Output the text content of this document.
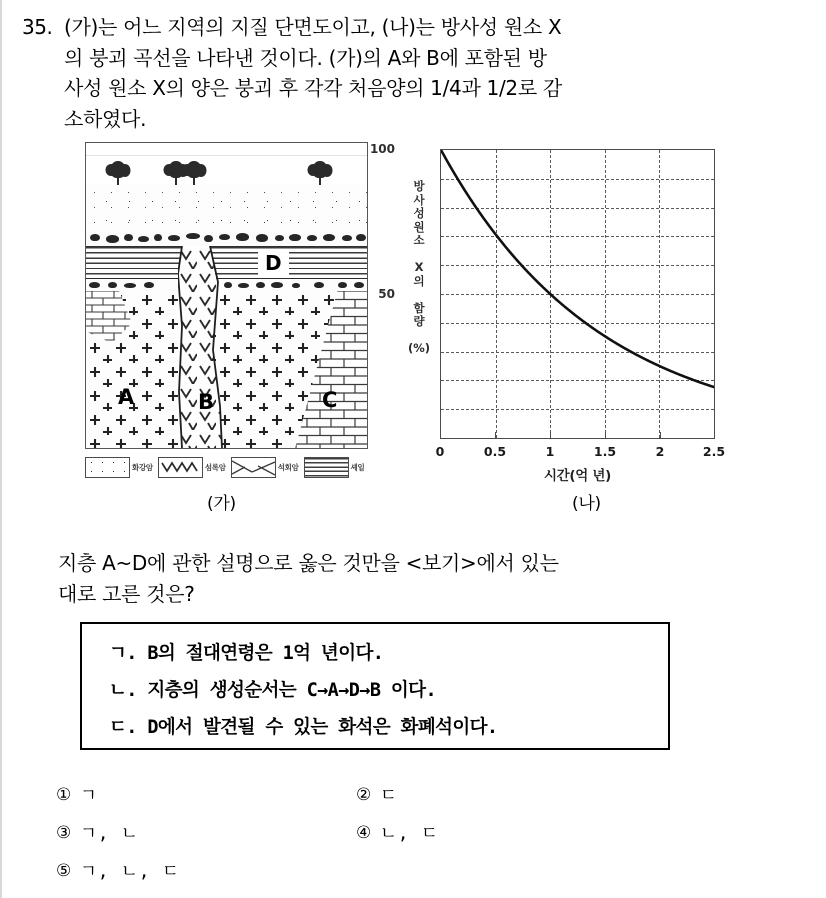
35. (가)는 어느 지역의 지질 단면도이고, (나)는 방사성 원소 X
의 붕괴 곡선을 나타낸 것이다. (가)의 A와 B에 포함된 방
사성 원소 X의 양은 붕괴 후 각각 처음양의 1/4과 1/2로 감
소하였다.
A	B	C
D
화강암	섬록암	석회암	셰일
(가)
방
사
성
원
소

X
의

함
량

(%)
100
50
0	0.5	1	1.5	2	2.5
시간(억 년)
(나)
지층 A~D에 관한 설명으로 옳은 것만을 <보기>에서 있는
대로 고른 것은?
ㄱ. B의 절대연령은 1억 년이다.
ㄴ. 지층의 생성순서는 C→A→D→B 이다.
ㄷ. D에서 발견될 수 있는 화석은 화폐석이다.
① ㄱ	② ㄷ
③ ㄱ, ㄴ	④ ㄴ, ㄷ
⑤ ㄱ, ㄴ, ㄷ
